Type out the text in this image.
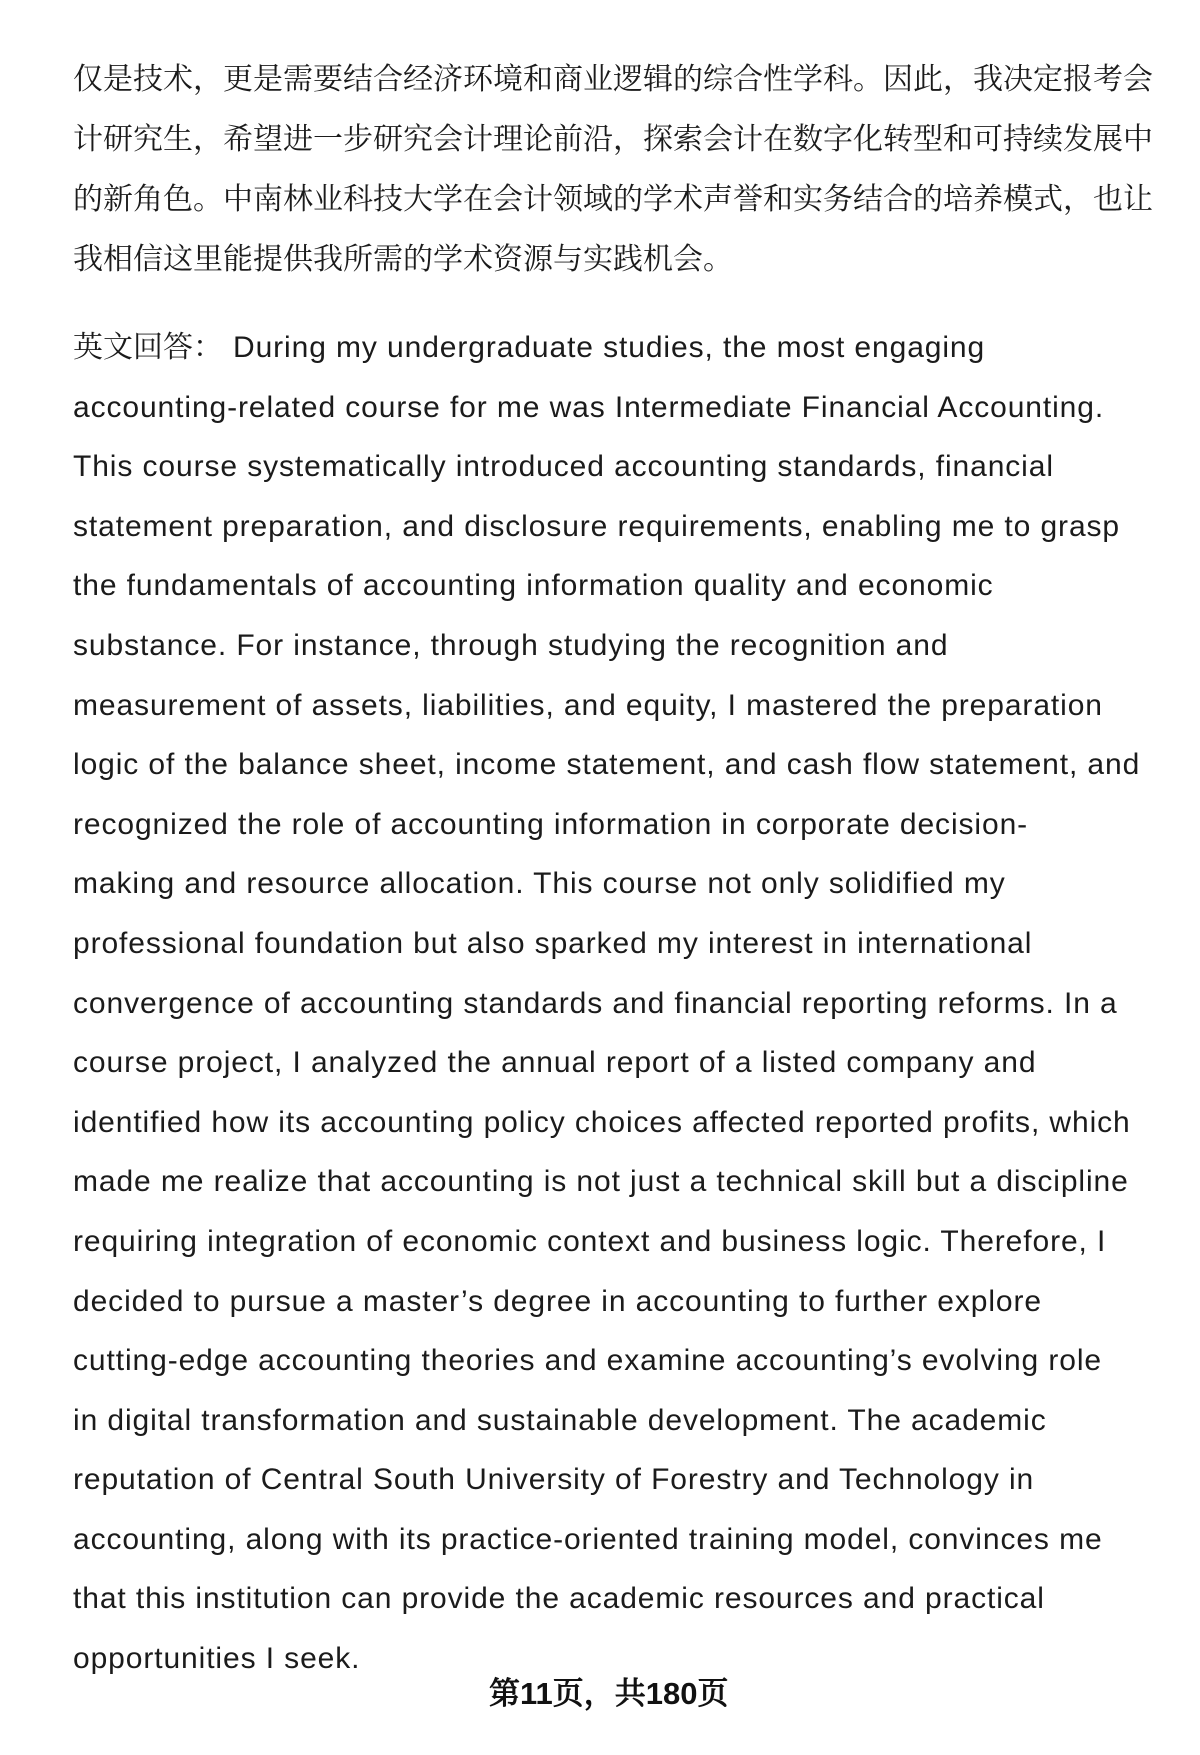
仅是技术，更是需要结合经济环境和商业逻辑的综合性学科。因此，我决定报考会
计研究生，希望进一步研究会计理论前沿，探索会计在数字化转型和可持续发展中
的新角色。中南林业科技大学在会计领域的学术声誉和实务结合的培养模式，也让
我相信这里能提供我所需的学术资源与实践机会。
英文回答： During my undergraduate studies, the most engaging
accounting-related course for me was Intermediate Financial Accounting.
This course systematically introduced accounting standards, financial
statement preparation, and disclosure requirements, enabling me to grasp
the fundamentals of accounting information quality and economic
substance. For instance, through studying the recognition and
measurement of assets, liabilities, and equity, I mastered the preparation
logic of the balance sheet, income statement, and cash flow statement, and
recognized the role of accounting information in corporate decision-
making and resource allocation. This course not only solidified my
professional foundation but also sparked my interest in international
convergence of accounting standards and financial reporting reforms. In a
course project, I analyzed the annual report of a listed company and
identified how its accounting policy choices affected reported profits, which
made me realize that accounting is not just a technical skill but a discipline
requiring integration of economic context and business logic. Therefore, I
decided to pursue a master’s degree in accounting to further explore
cutting-edge accounting theories and examine accounting’s evolving role
in digital transformation and sustainable development. The academic
reputation of Central South University of Forestry and Technology in
accounting, along with its practice-oriented training model, convinces me
that this institution can provide the academic resources and practical
opportunities I seek.
第11页，共180页
